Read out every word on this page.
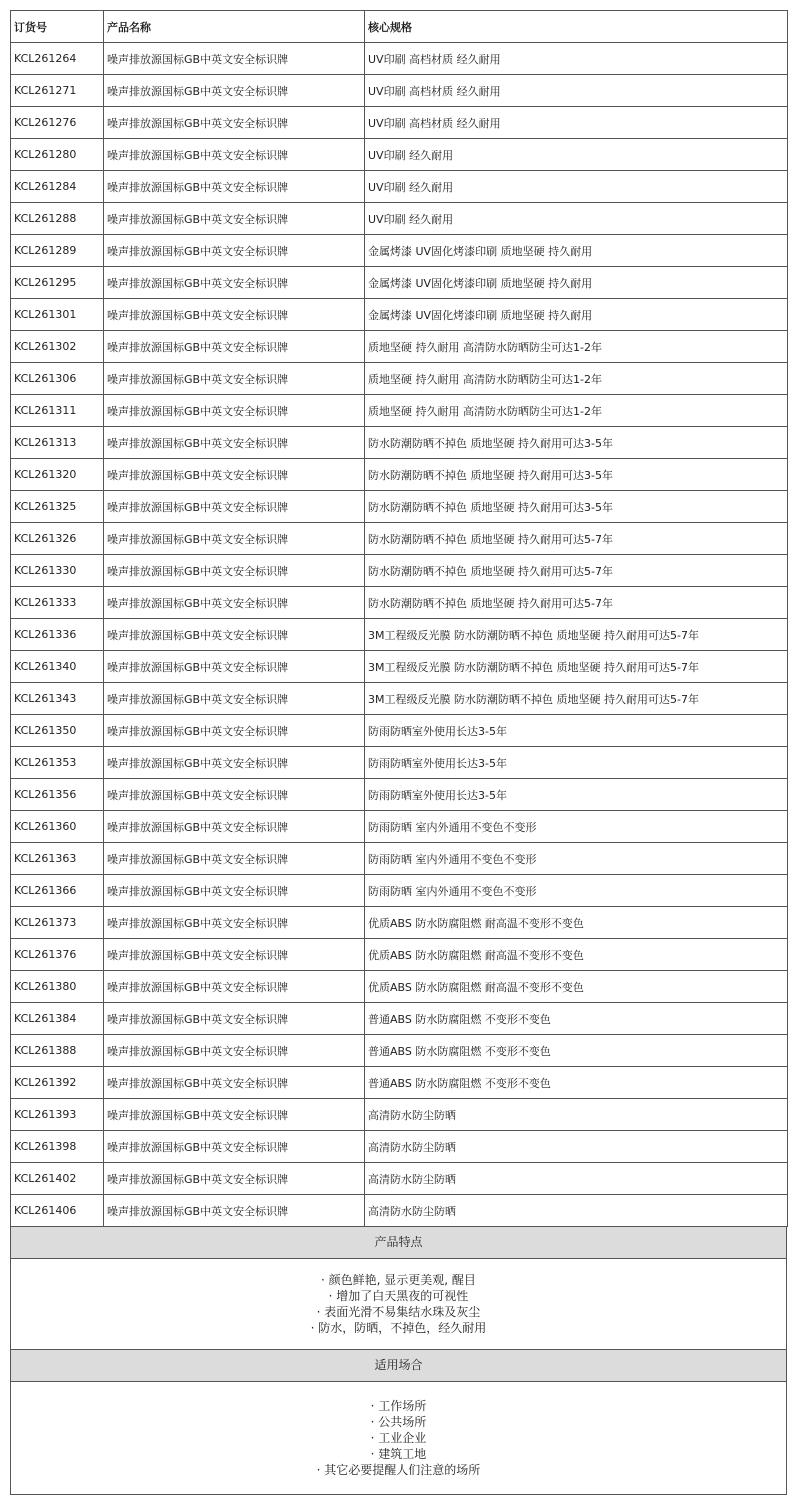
订货号	产品名称	核心规格
KCL261264	噪声排放源国标GB中英文安全标识牌	UV印刷 高档材质 经久耐用
KCL261271	噪声排放源国标GB中英文安全标识牌	UV印刷 高档材质 经久耐用
KCL261276	噪声排放源国标GB中英文安全标识牌	UV印刷 高档材质 经久耐用
KCL261280	噪声排放源国标GB中英文安全标识牌	UV印刷 经久耐用
KCL261284	噪声排放源国标GB中英文安全标识牌	UV印刷 经久耐用
KCL261288	噪声排放源国标GB中英文安全标识牌	UV印刷 经久耐用
KCL261289	噪声排放源国标GB中英文安全标识牌	金属烤漆 UV固化烤漆印刷 质地坚硬 持久耐用
KCL261295	噪声排放源国标GB中英文安全标识牌	金属烤漆 UV固化烤漆印刷 质地坚硬 持久耐用
KCL261301	噪声排放源国标GB中英文安全标识牌	金属烤漆 UV固化烤漆印刷 质地坚硬 持久耐用
KCL261302	噪声排放源国标GB中英文安全标识牌	质地坚硬 持久耐用 高清防水防晒防尘可达1-2年
KCL261306	噪声排放源国标GB中英文安全标识牌	质地坚硬 持久耐用 高清防水防晒防尘可达1-2年
KCL261311	噪声排放源国标GB中英文安全标识牌	质地坚硬 持久耐用 高清防水防晒防尘可达1-2年
KCL261313	噪声排放源国标GB中英文安全标识牌	防水防潮防晒不掉色 质地坚硬 持久耐用可达3-5年
KCL261320	噪声排放源国标GB中英文安全标识牌	防水防潮防晒不掉色 质地坚硬 持久耐用可达3-5年
KCL261325	噪声排放源国标GB中英文安全标识牌	防水防潮防晒不掉色 质地坚硬 持久耐用可达3-5年
KCL261326	噪声排放源国标GB中英文安全标识牌	防水防潮防晒不掉色 质地坚硬 持久耐用可达5-7年
KCL261330	噪声排放源国标GB中英文安全标识牌	防水防潮防晒不掉色 质地坚硬 持久耐用可达5-7年
KCL261333	噪声排放源国标GB中英文安全标识牌	防水防潮防晒不掉色 质地坚硬 持久耐用可达5-7年
KCL261336	噪声排放源国标GB中英文安全标识牌	3M工程级反光膜 防水防潮防晒不掉色 质地坚硬 持久耐用可达5-7年
KCL261340	噪声排放源国标GB中英文安全标识牌	3M工程级反光膜 防水防潮防晒不掉色 质地坚硬 持久耐用可达5-7年
KCL261343	噪声排放源国标GB中英文安全标识牌	3M工程级反光膜 防水防潮防晒不掉色 质地坚硬 持久耐用可达5-7年
KCL261350	噪声排放源国标GB中英文安全标识牌	防雨防晒室外使用长达3-5年
KCL261353	噪声排放源国标GB中英文安全标识牌	防雨防晒室外使用长达3-5年
KCL261356	噪声排放源国标GB中英文安全标识牌	防雨防晒室外使用长达3-5年
KCL261360	噪声排放源国标GB中英文安全标识牌	防雨防晒 室内外通用不变色不变形
KCL261363	噪声排放源国标GB中英文安全标识牌	防雨防晒 室内外通用不变色不变形
KCL261366	噪声排放源国标GB中英文安全标识牌	防雨防晒 室内外通用不变色不变形
KCL261373	噪声排放源国标GB中英文安全标识牌	优质ABS 防水防腐阻燃 耐高温不变形不变色
KCL261376	噪声排放源国标GB中英文安全标识牌	优质ABS 防水防腐阻燃 耐高温不变形不变色
KCL261380	噪声排放源国标GB中英文安全标识牌	优质ABS 防水防腐阻燃 耐高温不变形不变色
KCL261384	噪声排放源国标GB中英文安全标识牌	普通ABS 防水防腐阻燃 不变形不变色
KCL261388	噪声排放源国标GB中英文安全标识牌	普通ABS 防水防腐阻燃 不变形不变色
KCL261392	噪声排放源国标GB中英文安全标识牌	普通ABS 防水防腐阻燃 不变形不变色
KCL261393	噪声排放源国标GB中英文安全标识牌	高清防水防尘防晒
KCL261398	噪声排放源国标GB中英文安全标识牌	高清防水防尘防晒
KCL261402	噪声排放源国标GB中英文安全标识牌	高清防水防尘防晒
KCL261406	噪声排放源国标GB中英文安全标识牌	高清防水防尘防晒
产品特点
· 颜色鲜艳, 显示更美观, 醒目
· 增加了白天黑夜的可视性
· 表面光滑不易集结水珠及灰尘
· 防水，防晒，不掉色，经久耐用
适用场合
· 工作场所
· 公共场所
· 工业企业
· 建筑工地
· 其它必要提醒人们注意的场所
